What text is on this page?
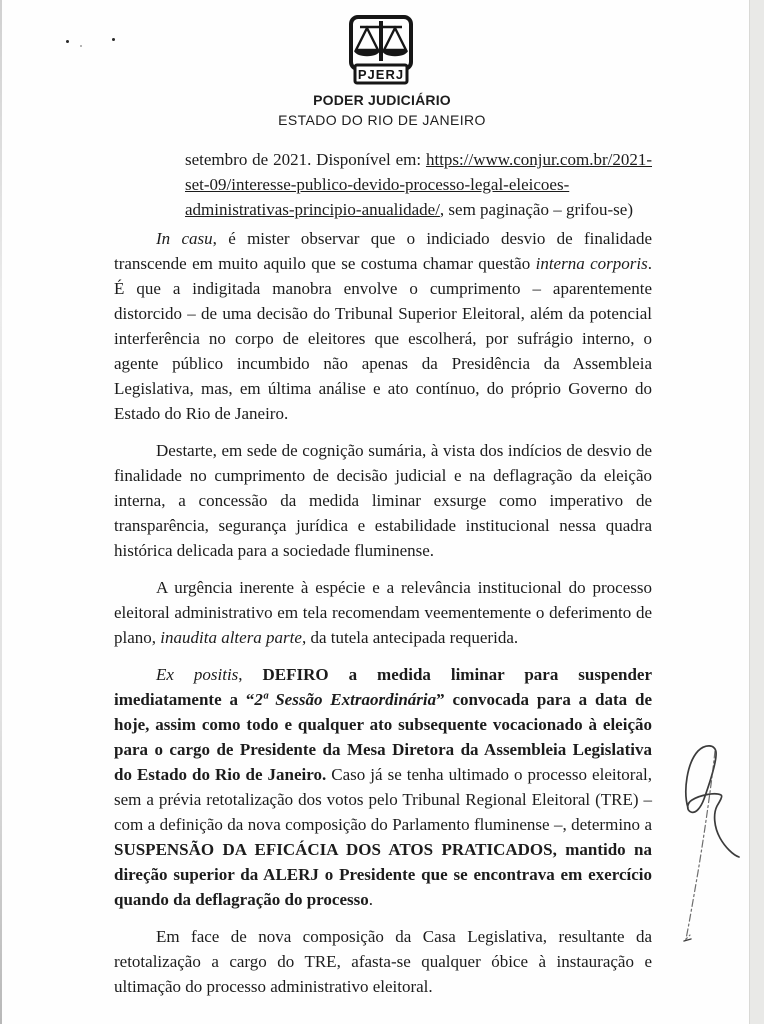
PJERJ
PODER JUDICIÁRIO
ESTADO DO RIO DE JANEIRO
setembro de 2021. Disponível em: https://www.conjur.com.br/2021-set-09/interesse-publico-devido-processo-legal-eleicoes-administrativas-principio-anualidade/, sem paginação – grifou-se)

In casu, é mister observar que o indiciado desvio de finalidade transcende em muito aquilo que se costuma chamar questão interna corporis. É que a indigitada manobra envolve o cumprimento – aparentemente distorcido – de uma decisão do Tribunal Superior Eleitoral, além da potencial interferência no corpo de eleitores que escolherá, por sufrágio interno, o agente público incumbido não apenas da Presidência da Assembleia Legislativa, mas, em última análise e ato contínuo, do próprio Governo do Estado do Rio de Janeiro.

Destarte, em sede de cognição sumária, à vista dos indícios de desvio de finalidade no cumprimento de decisão judicial e na deflagração da eleição interna, a concessão da medida liminar exsurge como imperativo de transparência, segurança jurídica e estabilidade institucional nessa quadra histórica delicada para a sociedade fluminense.

A urgência inerente à espécie e a relevância institucional do processo eleitoral administrativo em tela recomendam veementemente o deferimento de plano, inaudita altera parte, da tutela antecipada requerida.

Ex positis, DEFIRO a medida liminar para suspender imediatamente a “2ª Sessão Extraordinária” convocada para a data de hoje, assim como todo e qualquer ato subsequente vocacionado à eleição para o cargo de Presidente da Mesa Diretora da Assembleia Legislativa do Estado do Rio de Janeiro. Caso já se tenha ultimado o processo eleitoral, sem a prévia retotalização dos votos pelo Tribunal Regional Eleitoral (TRE) – com a definição da nova composição do Parlamento fluminense –, determino a SUSPENSÃO DA EFICÁCIA DOS ATOS PRATICADOS, mantido na direção superior da ALERJ o Presidente que se encontrava em exercício quando da deflagração do processo.

Em face de nova composição da Casa Legislativa, resultante da retotalização a cargo do TRE, afasta-se qualquer óbice à instauração e ultimação do processo administrativo eleitoral.
